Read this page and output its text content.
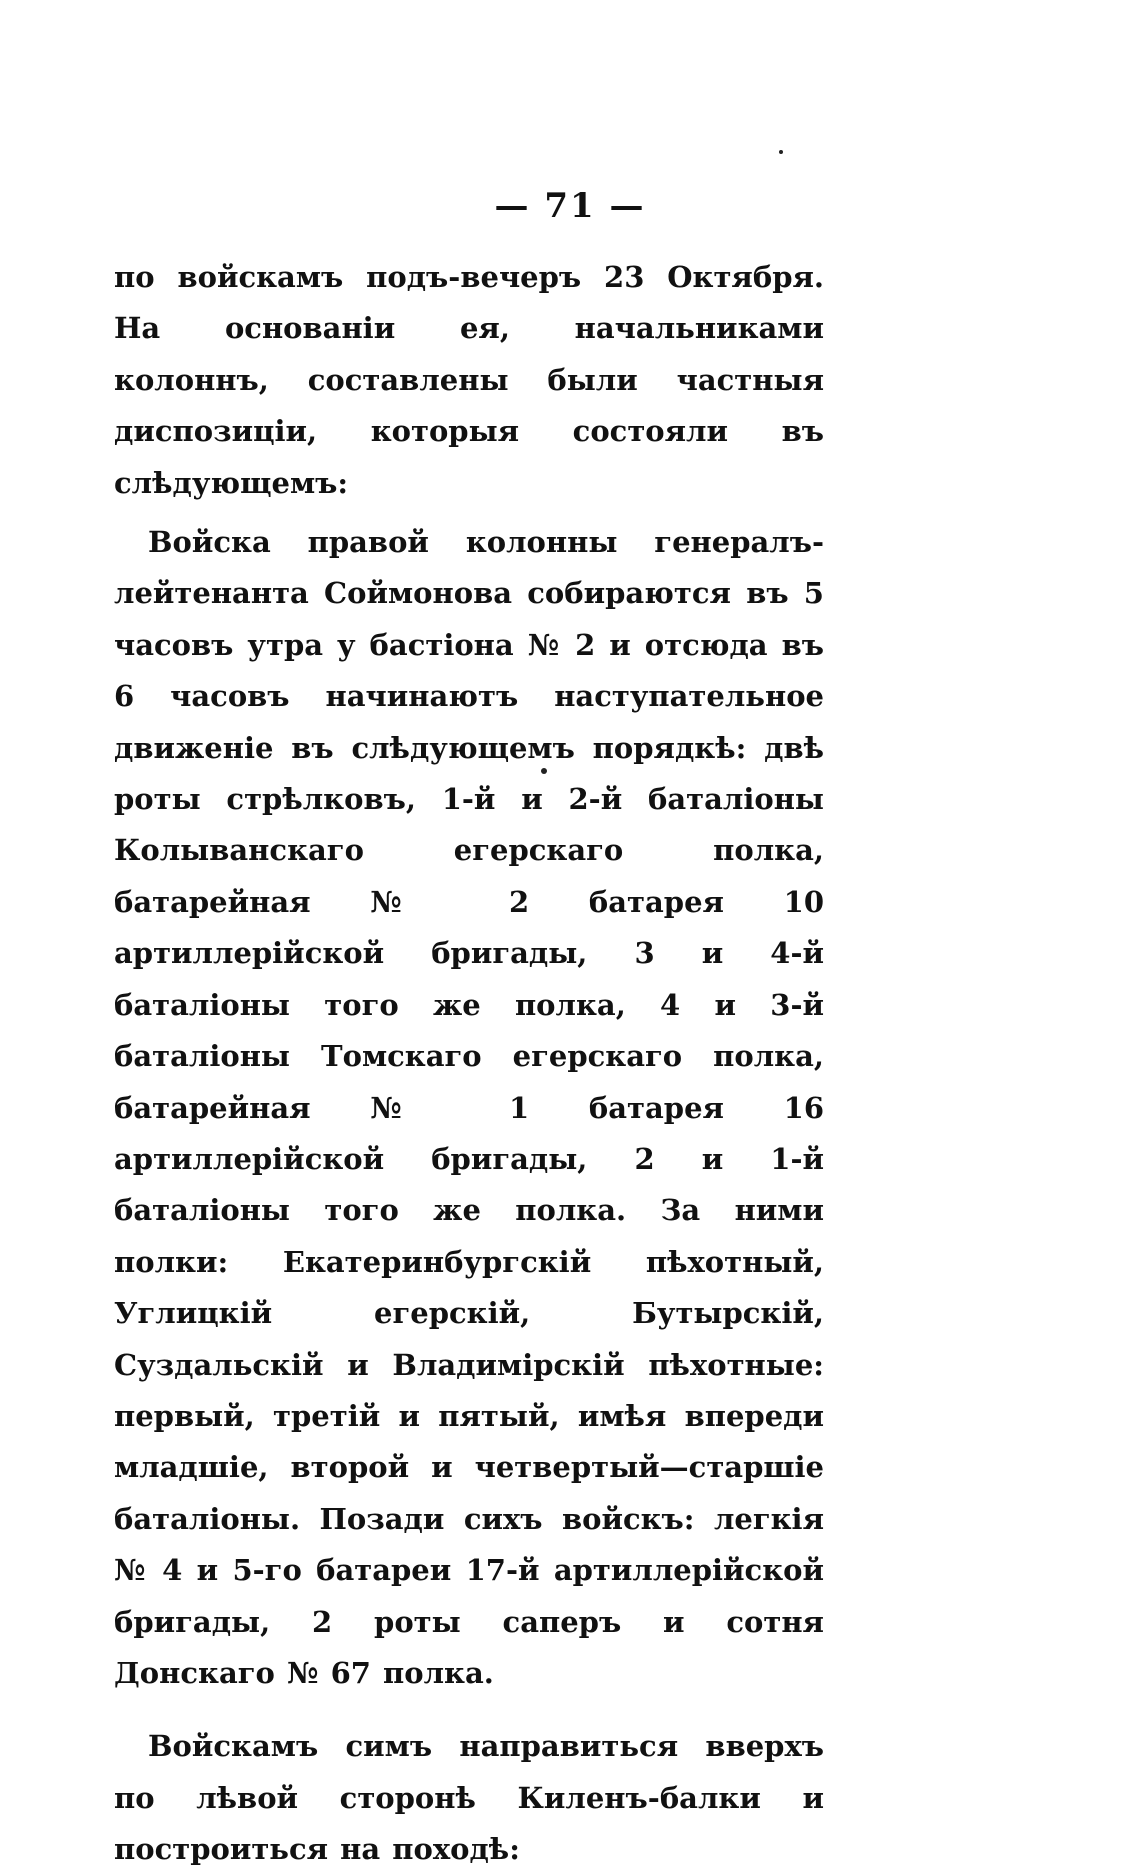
— 71 —

по войскамъ подъ-вечеръ 23 Октября. На основанiи ея, начальниками колоннъ, составлены были частныя диспозицiи, которыя состояли въ слѣдующемъ:

Войска правой колонны генералъ-лейтенанта Соймонова собираются въ 5 часовъ утра у бастiона № 2 и отсюда въ 6 часовъ начинаютъ наступательное движенiе въ слѣдующемъ порядкѣ: двѣ роты стрѣлковъ, 1-й и 2-й баталiоны Колыванскаго егерскаго полка, батарейная № 2 батарея 10 артиллерiйской бригады, 3 и 4-й баталiоны того же полка, 4 и 3-й баталiоны Томскаго егерскаго полка, батарейная № 1 батарея 16 артиллерiйской бригады, 2 и 1-й баталiоны того же полка. За ними полки: Екатеринбургскiй пѣхотный, Углицкiй егерскiй, Бутырскiй, Суздальскiй и Владимiрскiй пѣхотные: первый, третiй и пятый, имѣя впереди младшiе, второй и четвертый—старшiе баталiоны. Позади сихъ войскъ: легкiя № 4 и 5-го батареи 17-й артиллерiйской бригады, 2 роты саперъ и сотня Донскаго № 67 полка.

Войскамъ симъ направиться вверхъ по лѣвой сторонѣ Киленъ-балки и построиться на походѣ:
